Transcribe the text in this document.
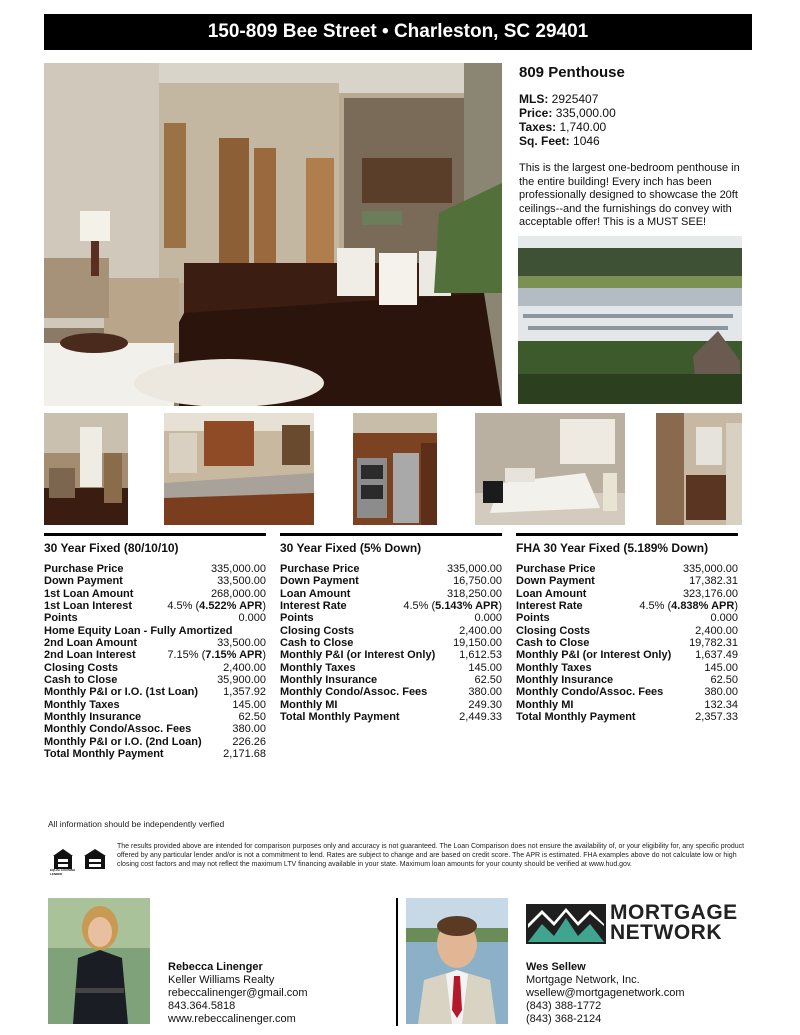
150-809 Bee Street • Charleston, SC 29401
809 Penthouse
MLS: 2925407
Price: 335,000.00
Taxes: 1,740.00
Sq. Feet: 1046
This is the largest one-bedroom penthouse in the entire building! Every inch has been professionally designed to showcase the 20ft ceilings--and the furnishings do convey with acceptable offer! This is a MUST SEE!
30 Year Fixed (80/10/10)
Purchase Price	335,000.00
Down Payment	33,500.00
1st Loan Amount	268,000.00
1st Loan Interest	4.5% (4.522% APR)
Points	0.000
Home Equity Loan - Fully Amortized
2nd Loan Amount	33,500.00
2nd Loan Interest	7.15% (7.15% APR)
Closing Costs	2,400.00
Cash to Close	35,900.00
Monthly P&I or I.O. (1st Loan) 1,357.92
Monthly Taxes	145.00
Monthly Insurance	62.50
Monthly Condo/Assoc. Fees	380.00
Monthly P&I or I.O. (2nd Loan)	226.26
Total Monthly Payment	2,171.68
30 Year Fixed (5% Down)
Purchase Price	335,000.00
Down Payment	16,750.00
Loan Amount	318,250.00
Interest Rate	4.5% (5.143% APR)
Points	0.000
Closing Costs	2,400.00
Cash to Close	19,150.00
Monthly P&I (or Interest Only) 1,612.53
Monthly Taxes	145.00
Monthly Insurance	62.50
Monthly Condo/Assoc. Fees	380.00
Monthly MI	249.30
Total Monthly Payment	2,449.33
FHA 30 Year Fixed (5.189% Down)
Purchase Price	335,000.00
Down Payment	17,382.31
Loan Amount	323,176.00
Interest Rate	4.5% (4.838% APR)
Points	0.000
Closing Costs	2,400.00
Cash to Close	19,782.31
Monthly P&I (or Interest Only) 1,637.49
Monthly Taxes	145.00
Monthly Insurance	62.50
Monthly Condo/Assoc. Fees	380.00
Monthly MI	132.34
Total Monthly Payment	2,357.33
All information should be independently verfied
EQUAL HOUSING LENDER
The results provided above are intended for comparison purposes only and accuracy is not guaranteed. The Loan Comparison does not ensure the availability of, or your eligibility for, any specific product offered by any particular lender and/or is not a commitment to lend. Rates are subject to change and are based on credit score. The APR is estimated. FHA examples above do not calculate low or high closing cost factors and may not reflect the maximum LTV financing available in your state. Maximum loan amounts for your county should be verified at www.hud.gov.
Rebecca Linenger
Keller Williams Realty
rebeccalinenger@gmail.com
843.364.5818
www.rebeccalinenger.com
MORTGAGE
NETWORK
Wes Sellew
Mortgage Network, Inc.
wsellew@mortgagenetwork.com
(843) 388-1772
(843) 368-2124
